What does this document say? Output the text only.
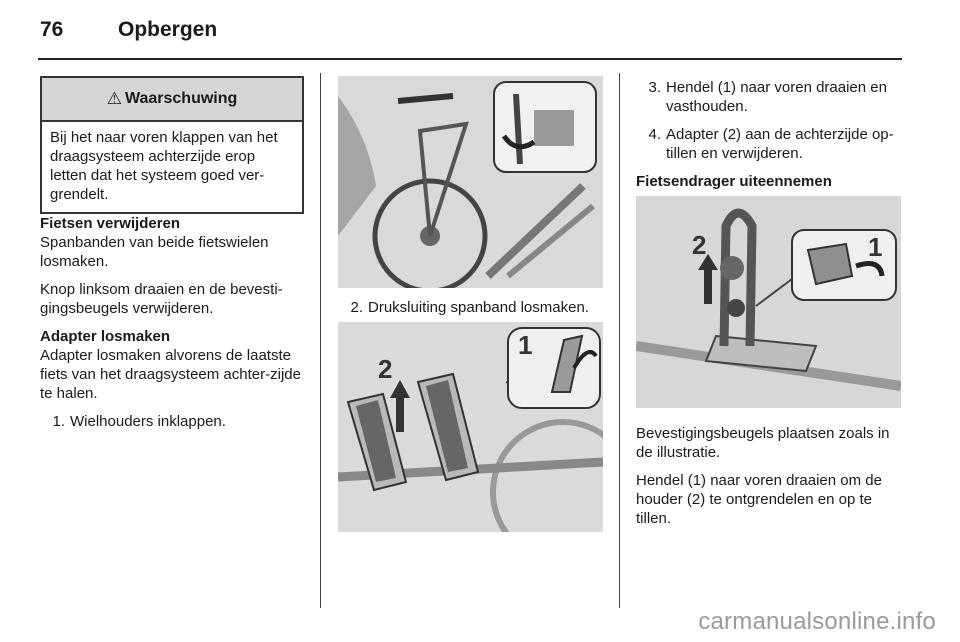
76	Opbergen
⚠ Waarschuwing
Bij het naar voren klappen van het draagsysteem achterzijde erop letten dat het systeem goed ver-grendelt.
Fietsen verwijderen

Spanbanden van beide fietswielen losmaken.

Knop linksom draaien en de bevesti-gingsbeugels verwijderen.

Adapter losmaken

Adapter losmaken alvorens de laatste fiets van het draagsysteem achter-zijde te halen.

1. Wielhouders inklappen.
2. Druksluiting spanband losmaken.
2
1
3. Hendel (1) naar voren draaien en vasthouden.
4. Adapter (2) aan de achterzijde op-tillen en verwijderen.
Fietsendrager uiteennemen
2	1

Bevestigingsbeugels plaatsen zoals in de illustratie.

Hendel (1) naar voren draaien om de houder (2) te ontgrendelen en op te tillen.

carmanualsonline.info
